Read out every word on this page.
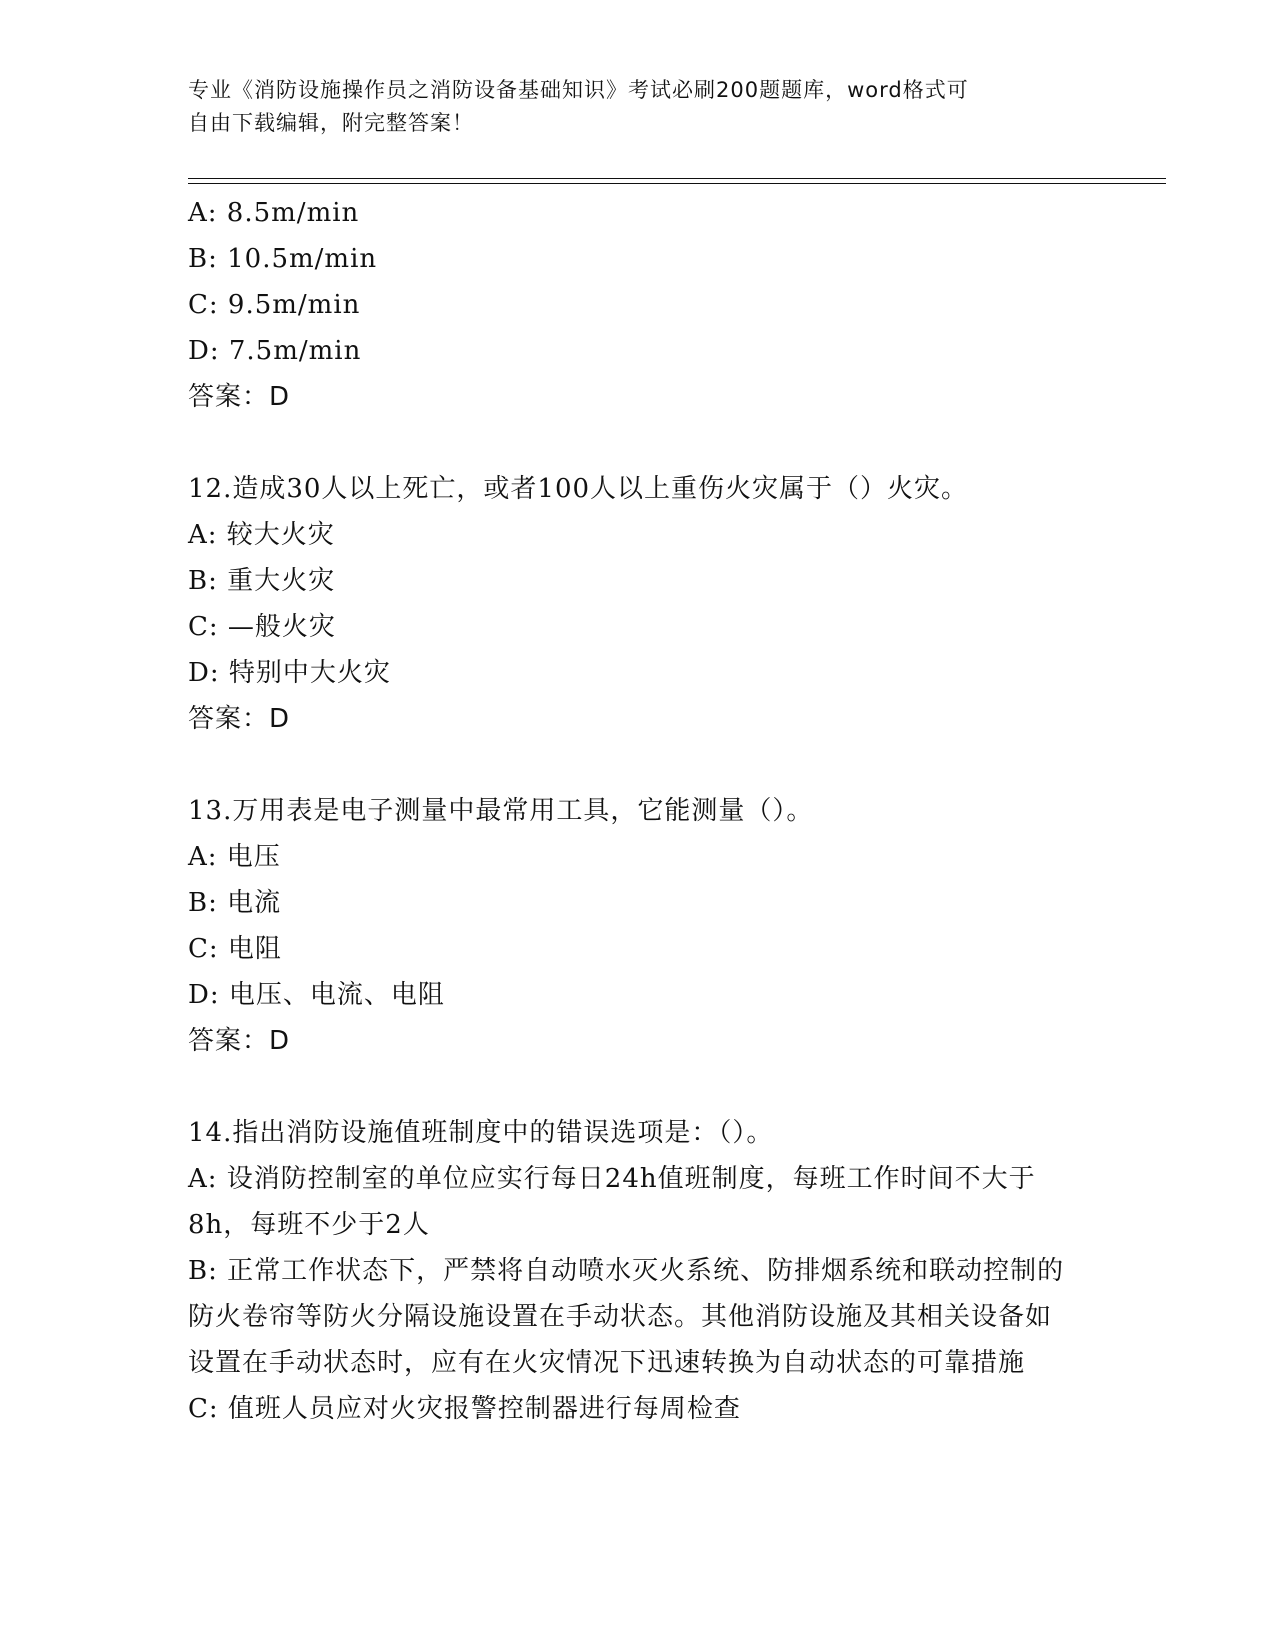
专业《消防设施操作员之消防设备基础知识》考试必刷200题题库，word格式可
自由下载编辑，附完整答案！
A: 8.5m/min
B: 10.5m/min
C: 9.5m/min
D: 7.5m/min
答案：D
12.造成30人以上死亡，或者100人以上重伤火灾属于（）火灾。
A: 较大火灾
B: 重大火灾
C: —般火灾
D: 特别中大火灾
答案：D
13.万用表是电子测量中最常用工具，它能测量（）。
A: 电压
B: 电流
C: 电阻
D: 电压、电流、电阻
答案：D
14.指出消防设施值班制度中的错误选项是：（）。
A: 设消防控制室的单位应实行每日24h值班制度，每班工作时间不大于8h，每班不少于2人
B: 正常工作状态下，严禁将自动喷水灭火系统、防排烟系统和联动控制的防火卷帘等防火分隔设施设置在手动状态。其他消防设施及其相关设备如设置在手动状态时，应有在火灾情况下迅速转换为自动状态的可靠措施
C: 值班人员应对火灾报警控制器进行每周检查
